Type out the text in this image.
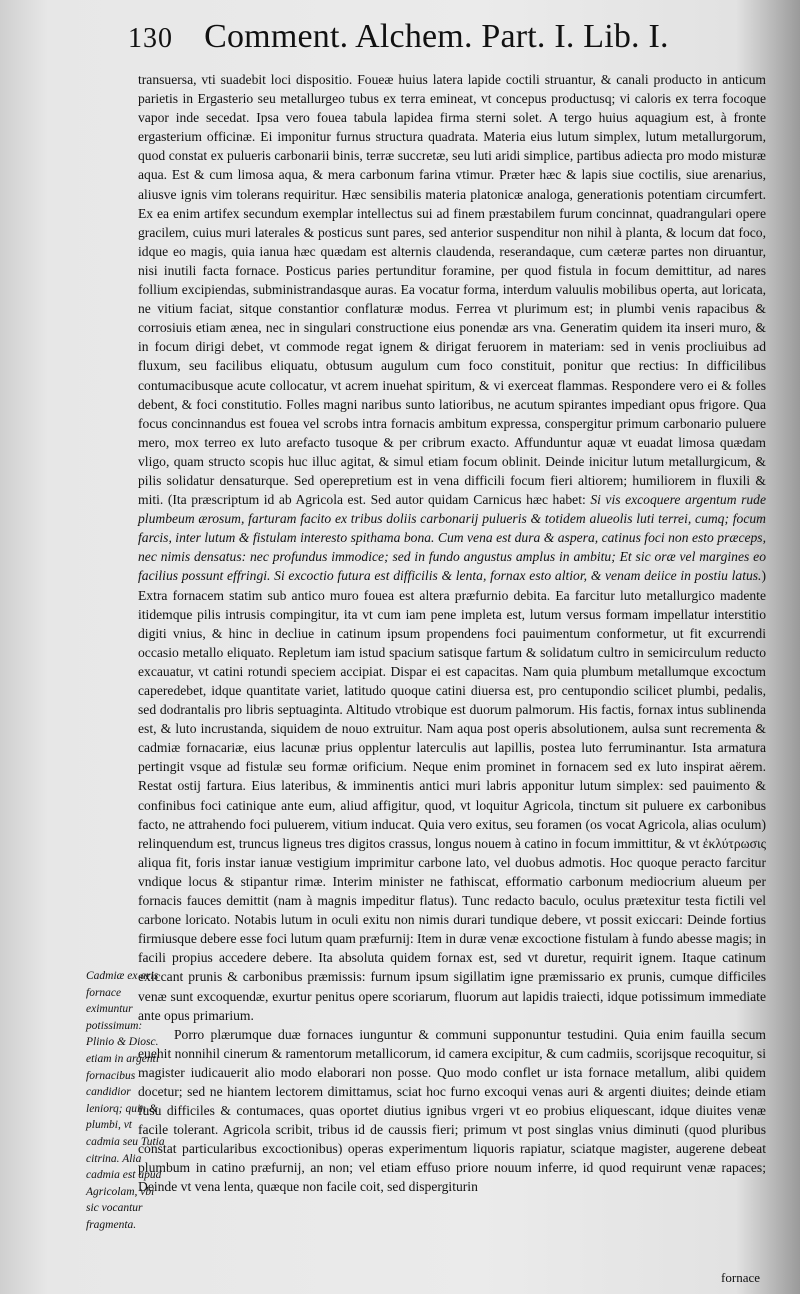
130 Comment. Alchem. Part. I. Lib. I.

transuersa, vti suadebit loci dispositio. Foueæ huius latera lapide coctili struantur, & canali producto in anticum parietis in Ergasterio seu metallurgeo tubus ex terra emineat, vt concepus productusq; vi caloris ex terra focoque vapor inde secedat. Ipsa vero fouea tabula lapidea firma sterni solet. A tergo huius aquagium est, à fronte ergasterium officinæ. Ei imponitur furnus structura quadrata. Materia eius lutum simplex, lutum metallurgorum, quod constat ex pulueris carbonarii binis, terræ succretæ, seu luti aridi simplice, partibus adiecta pro modo misturæ aqua. Est & cum limosa aqua, & mera carbonum farina vtimur. Præter hæc & lapis siue coctilis, siue arenarius, aliusve ignis vim tolerans requiritur. Hæc sensibilis materia platonicæ analoga, generationis potentiam circumfert. Ex ea enim artifex secundum exemplar intellectus sui ad finem præstabilem furum concinnat, quadrangulari opere gracilem, cuius muri laterales & posticus sunt pares, sed anterior suspenditur non nihil à planta, & locum dat foco, idque eo magis, quia ianua hæc quædam est alternis claudenda, reserandaque, cum cæteræ partes non diruantur, nisi inutili facta fornace. Posticus paries pertunditur foramine, per quod fistula in focum demittitur, ad nares follium excipiendas, subministrandasque auras. Ea vocatur forma, interdum valuulis mobilibus operta, aut loricata, ne vitium faciat, sitque constantior conflaturæ modus. Ferrea vt plurimum est; in plumbi venis rapacibus & corrosiuis etiam ænea, nec in singulari constructione eius ponendæ ars vna. Generatim quidem ita inseri muro, & in focum dirigi debet, vt commode regat ignem & dirigat feruorem in materiam: sed in venis procliuibus ad fluxum, seu facilibus eliquatu, obtusum augulum cum foco constituit, ponitur que rectius: In difficilibus contumacibusque acute collocatur, vt acrem inuehat spiritum, & vi exerceat flammas. Respondere vero ei & folles debent, & foci constitutio. Folles magni naribus sunto latioribus, ne acutum spirantes impediant opus frigore. Qua focus concinnandus est fouea vel scrobs intra fornacis ambitum expressa, conspergitur primum carbonario puluere mero, mox terreo ex luto arefacto tusoque & per cribrum exacto. Affunduntur aquæ vt euadat limosa quædam vligo, quam structo scopis huc illuc agitat, & simul etiam focum oblinit. Deinde inicitur lutum metallurgicum, & pilis solidatur densaturque. Sed operepretium est in vena difficili focum fieri altiorem; humiliorem in fluxili & miti. (Ita præscriptum id ab Agricola est. Sed autor quidam Carnicus hæc habet: Si vis excoquere argentum rude plumbeum ærosum, farturam facito ex tribus doliis carbonarij pulueris & totidem alueolis luti terrei, cumq; focum farcis, inter lutum & fistulam interesto spithama bona. Cum vena est dura & aspera, catinus foci non esto præceps, nec nimis densatus: nec profundus immodice; sed in fundo angustus amplus in ambitu; Et sic oræ vel margines eo facilius possunt effringi. Si excoctio futura est difficilis & lenta, fornax esto altior, & venam deiice in postiu latus.) Extra fornacem statim sub antico muro fouea est altera præfurnio debita. Ea farcitur luto metallurgico madente itidemque pilis intrusis compingitur, ita vt cum iam pene impleta est, lutum versus formam impellatur interstitio digiti vnius, & hinc in decliue in catinum ipsum propendens foci pauimentum conformetur, ut fit excurrendi occasio metallo eliquato. Repletum iam istud spacium satisque fartum & solidatum cultro in semicirculum reducto excauatur, vt catini rotundi speciem accipiat. Dispar ei est capacitas. Nam quia plumbum metallumque excoctum caperedebet, idque quantitate variet, latitudo quoque catini diuersa est, pro centupondio scilicet plumbi, pedalis, sed dodrantalis pro libris septuaginta. Altitudo vtrobique est duorum palmorum. His factis, fornax intus sublinenda est, & luto incrustanda, siquidem de nouo extruitur. Nam aqua post operis absolutionem, aulsa sunt recrementa & cadmiæ fornacariæ, eius lacunæ prius opplentur laterculis aut lapillis, postea luto ferruminantur. Ista armatura pertingit vsque ad fistulæ seu formæ orificium. Neque enim prominet in fornacem sed ex luto inspirat aërem. Restat ostij fartura. Eius lateribus, & imminentis antici muri labris apponitur lutum simplex: sed pauimento & confinibus foci catinique ante eum, aliud affigitur, quod, vt loquitur Agricola, tinctum sit puluere ex carbonibus facto, ne attrahendo foci puluerem, vitium inducat. Quia vero exitus, seu foramen (os vocat Agricola, alias oculum) relinquendum est, truncus ligneus tres digitos crassus, longus nouem à catino in focum immittitur, & vt ἐκλύτρωσις aliqua fit, foris instar ianuæ vestigium imprimitur carbone lato, vel duobus admotis. Hoc quoque peracto farcitur vndique locus & stipantur rimæ. Interim minister ne fathiscat, efformatio carbonum mediocrium alueum per fornacis fauces demittit (nam à magnis impeditur flatus). Tunc redacto baculo, oculus prætexitur testa fictili vel carbone loricato. Notabis lutum in oculi exitu non nimis durari tundique debere, vt possit exiccari: Deinde fortius firmiusque debere esse foci lutum quam præfurnij: Item in duræ venæ excoctione fistulam à fundo abesse magis; in facili propius accedere debere. Ita absoluta quidem fornax est, sed vt duretur, requirit ignem. Itaque catinum exiccant prunis & carbonibus præmissis: furnum ipsum sigillatim igne præmissario ex prunis, cumque difficiles venæ sunt excoquendæ, exurtur penitus opere scoriarum, fluorum aut lapidis traiecti, idque potissimum immediate ante opus primarium.

Porro plærumque duæ fornaces iunguntur & communi supponuntur testudini. Quia enim fauilla secum euehit nonnihil cinerum & ramentorum metallicorum, id camera excipitur, & cum cadmiis, scorijsque recoquitur, si magister iudicauerit alio modo elaborari non posse. Quo modo conflet ur ista fornace metallum, alibi quidem docetur; sed ne hiantem lectorem dimittamus, sciat hoc furno excoqui venas auri & argenti diuites; deinde etiam fusu difficiles & contumaces, quas oportet diutius ignibus vrgeri vt eo probius eliquescant, idque diuites venæ facile tolerant. Agricola scribit, tribus id de caussis fieri; primum vt post singlas vnius diminuti (quod pluribus constat particularibus excoctionibus) operas experimentum liquoris rapiatur, sciatque magister, augerene debeat plumbum in catino præfurnij, an non; vel etiam effuso priore nouum inferre, id quod requirunt venæ rapaces; Deinde vt vena lenta, quæque non facile coit, sed dispergiturin

Cadmiæ ex aris fornace eximuntur potissimum: Plinio & Diosc. etiam in argenti fornacibus candidior leniorq; quin & plumbi, vt cadmia seu Tutia citrina. Alia cadmia est apud Agricolam, vbi sic vocantur fragmenta.
fornace
